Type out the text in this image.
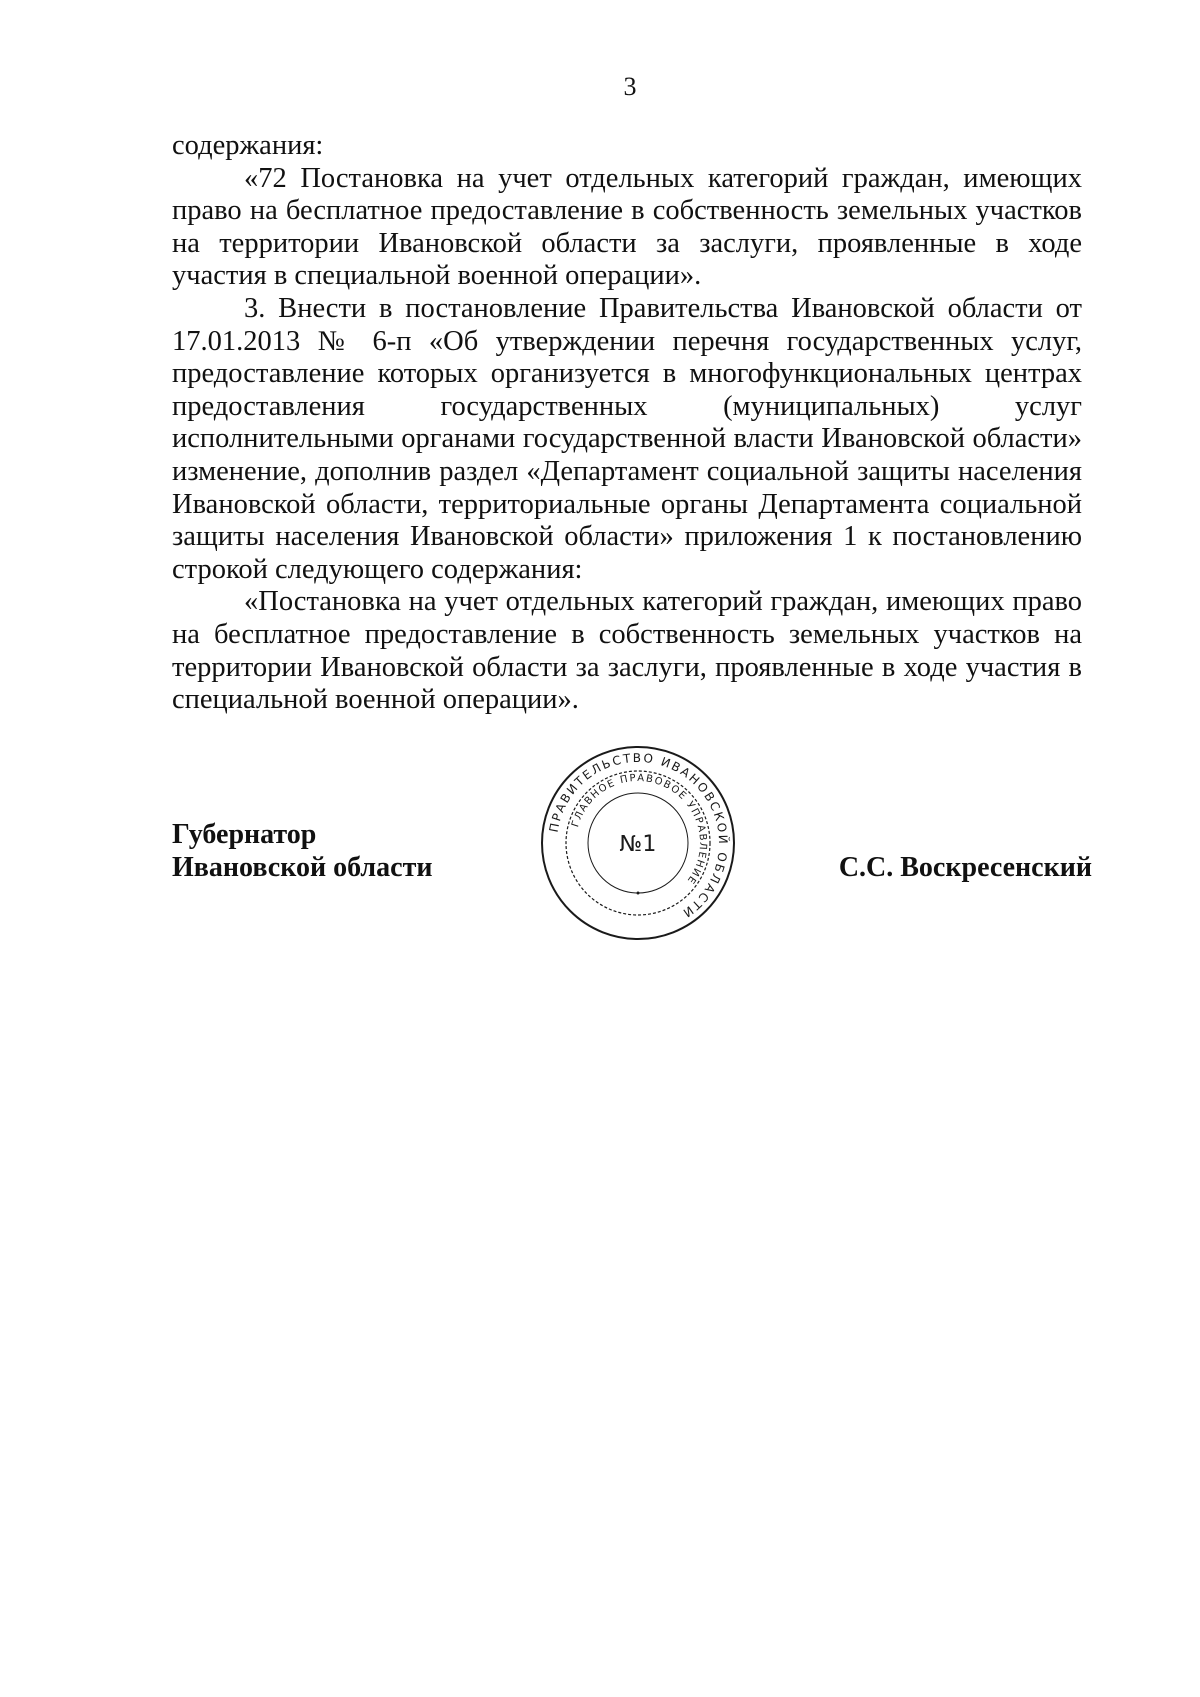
3

содержания:

«72 Постановка на учет отдельных категорий граждан, имеющих право на бесплатное предоставление в собственность земельных участков на территории Ивановской области за заслуги, проявленные в ходе участия в специальной военной операции».

3. Внести в постановление Правительства Ивановской области от 17.01.2013 № 6-п «Об утверждении перечня государственных услуг, предоставление которых организуется в многофункциональных центрах предоставления государственных (муниципальных) услуг исполнительными органами государственной власти Ивановской области» изменение, дополнив раздел «Департамент социальной защиты населения Ивановской области, территориальные органы Департамента социальной защиты населения Ивановской области» приложения 1 к постановлению строкой следующего содержания:

«Постановка на учет отдельных категорий граждан, имеющих право на бесплатное предоставление в собственность земельных участков на территории Ивановской области за заслуги, проявленные в ходе участия в специальной военной операции».

Губернатор
Ивановской области	С.С. Воскресенский
ПРАВИТЕЛЬСТВО ИВАНОВСКОЙ ОБЛАСТИ
ГЛАВНОЕ ПРАВОВОЕ УПРАВЛЕНИЕ
№1
